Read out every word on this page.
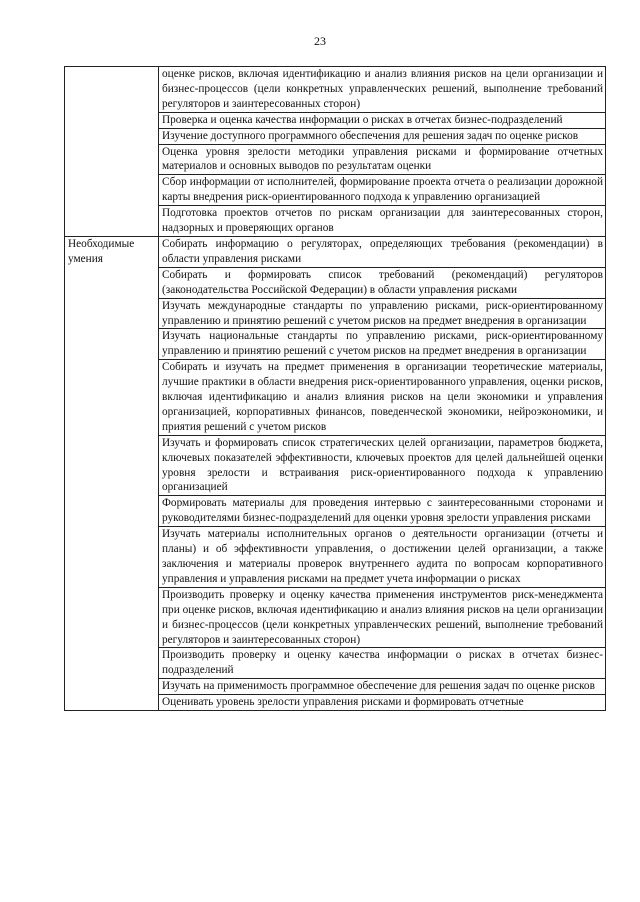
23
	оценке рисков, включая идентификацию и анализ влияния рисков на цели организации и бизнес-процессов (цели конкретных управленческих решений, выполнение требований регуляторов и заинтересованных сторон)
	Проверка и оценка качества информации о рисках в отчетах бизнес-подразделений
	Изучение доступного программного обеспечения для решения задач по оценке рисков
	Оценка уровня зрелости методики управления рисками и формирование отчетных материалов и основных выводов по результатам оценки
	Сбор информации от исполнителей, формирование проекта отчета о реализации дорожной карты внедрения риск-ориентированного подхода к управлению организацией
	Подготовка проектов отчетов по рискам организации для заинтересованных сторон, надзорных и проверяющих органов
Необходимые умения	Собирать информацию о регуляторах, определяющих требования (рекомендации) в области управления рисками
	Собирать и формировать список требований (рекомендаций) регуляторов (законодательства Российской Федерации) в области управления рисками
	Изучать международные стандарты по управлению рисками, риск-ориентированному управлению и принятию решений с учетом рисков на предмет внедрения в организации
	Изучать национальные стандарты по управлению рисками, риск-ориентированному управлению и принятию решений с учетом рисков на предмет внедрения в организации
	Собирать и изучать на предмет применения в организации теоретические материалы, лучшие практики в области внедрения риск-ориентированного управления, оценки рисков, включая идентификацию и анализ влияния рисков на цели экономики и управления организацией, корпоративных финансов, поведенческой экономики, нейроэкономики, и приятия решений с учетом рисков
	Изучать и формировать список стратегических целей организации, параметров бюджета, ключевых показателей эффективности, ключевых проектов для целей дальнейшей оценки уровня зрелости и встраивания риск-ориентированного подхода к управлению организацией
	Формировать материалы для проведения интервью с заинтересованными сторонами и руководителями бизнес-подразделений для оценки уровня зрелости управления рисками
	Изучать материалы исполнительных органов о деятельности организации (отчеты и планы) и об эффективности управления, о достижении целей организации, а также заключения и материалы проверок внутреннего аудита по вопросам корпоративного управления и управления рисками на предмет учета информации о рисках
	Производить проверку и оценку качества применения инструментов риск-менеджмента при оценке рисков, включая идентификацию и анализ влияния рисков на цели организации и бизнес-процессов (цели конкретных управленческих решений, выполнение требований регуляторов и заинтересованных сторон)
	Производить проверку и оценку качества информации о рисках в отчетах бизнес-подразделений
	Изучать на применимость программное обеспечение для решения задач по оценке рисков
	Оценивать уровень зрелости управления рисками и формировать отчетные
